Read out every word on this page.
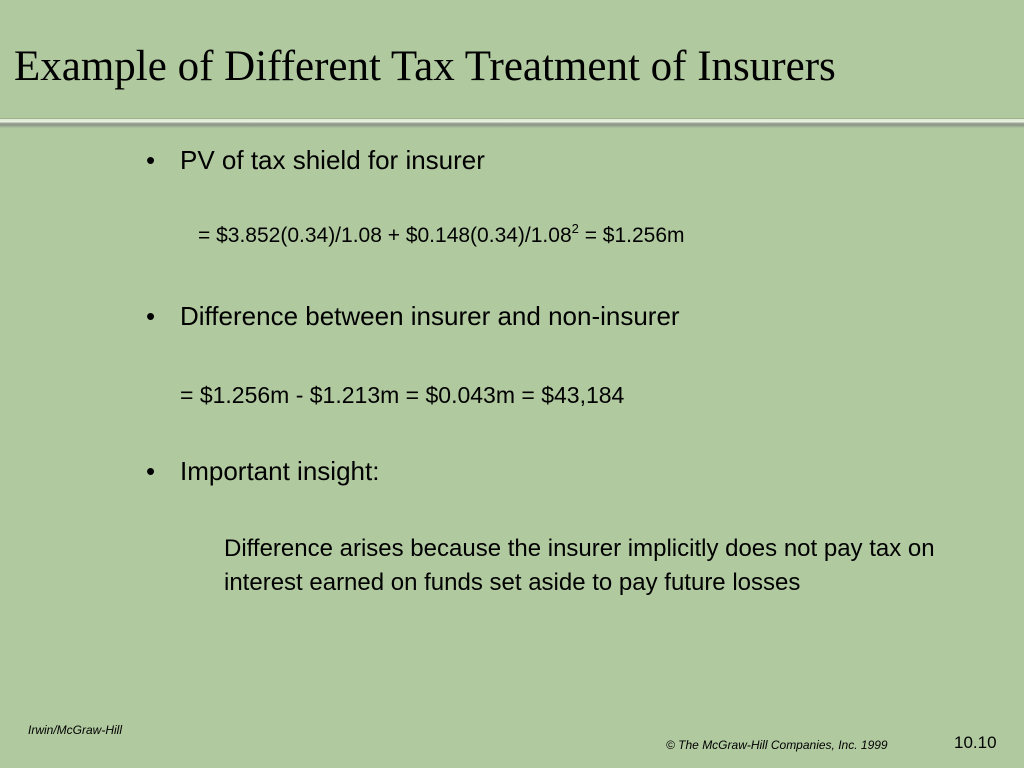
Example of Different Tax Treatment of Insurers
• PV of tax shield for insurer
= $3.852(0.34)/1.08 + $\$0.148(0.34)/1.08^2$ = $1.256m
• Difference between insurer and non-insurer
= $1.256m - $1.213m = $0.043m = $43,184
• Important insight:
Difference arises because the insurer implicitly does not pay tax on interest earned on funds set aside to pay future losses
Irwin/McGraw-Hill
© The McGraw-Hill Companies, Inc. 1999	10.10
